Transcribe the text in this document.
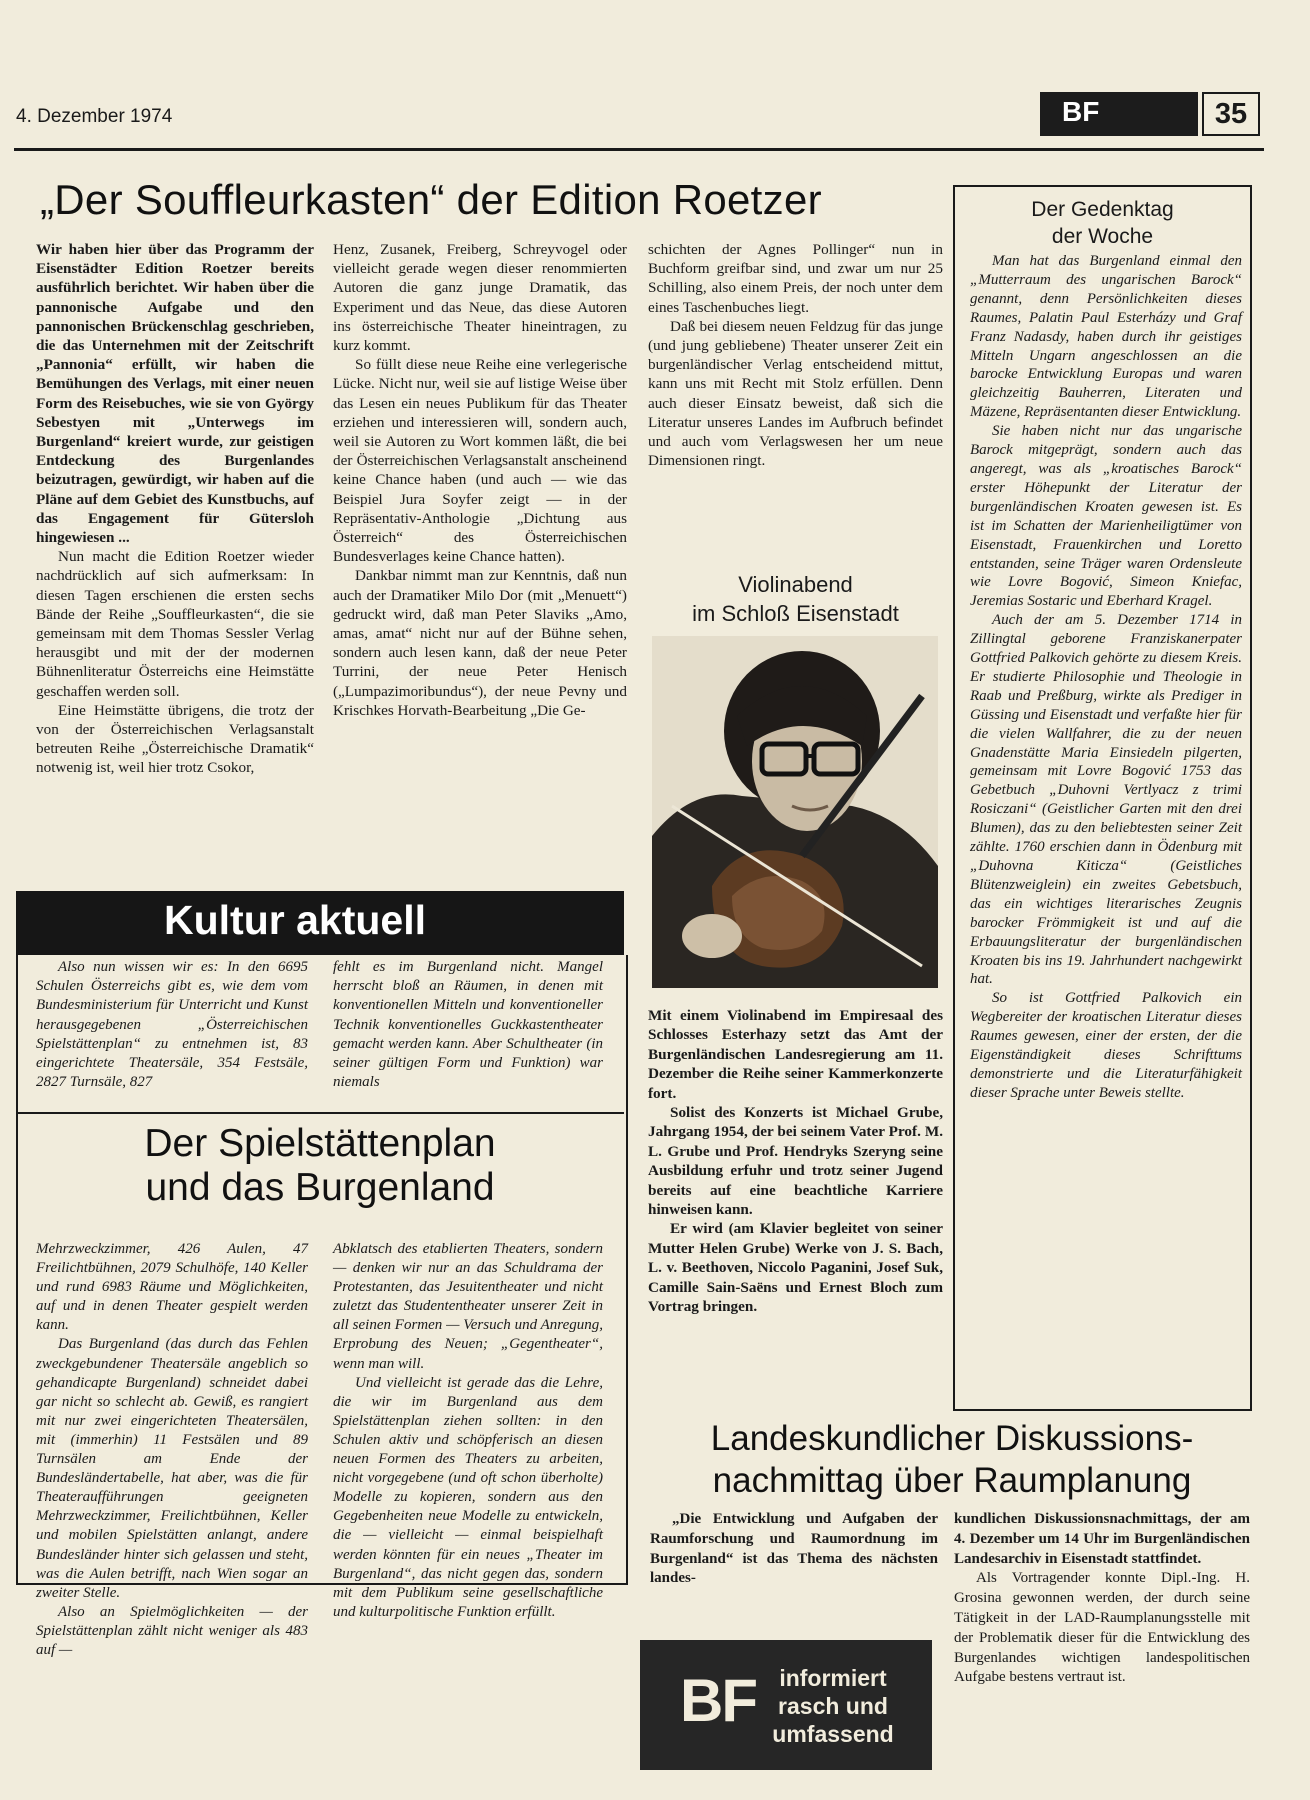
4. Dezember 1974	BF	35
„Der Souffleurkasten“ der Edition Roetzer

Wir haben hier über das Programm der Eisenstädter Edition Roetzer bereits ausführlich berichtet. Wir haben über die pannonische Aufgabe und den pannonischen Brückenschlag geschrieben, die das Unternehmen mit der Zeitschrift „Pannonia“ erfüllt, wir haben die Bemühungen des Verlags, mit einer neuen Form des Reisebuches, wie sie von György Sebestyen mit „Unterwegs im Burgenland“ kreiert wurde, zur geistigen Entdeckung des Burgenlandes beizutragen, gewürdigt, wir haben auf die Pläne auf dem Gebiet des Kunstbuchs, auf das Engagement für Gütersloh hingewiesen ...

Nun macht die Edition Roetzer wieder nachdrücklich auf sich aufmerksam: In diesen Tagen erschienen die ersten sechs Bände der Reihe „Souffleurkasten“, die sie gemeinsam mit dem Thomas Sessler Verlag herausgibt und mit der der modernen Bühnenliteratur Österreichs eine Heimstätte geschaffen werden soll.

Eine Heimstätte übrigens, die trotz der von der Österreichischen Verlagsanstalt betreuten Reihe „Österreichische Dramatik“ notwenig ist, weil hier trotz Csokor,

Henz, Zusanek, Freiberg, Schreyvogel oder vielleicht gerade wegen dieser renommierten Autoren die ganz junge Dramatik, das Experiment und das Neue, das diese Autoren ins österreichische Theater hineintragen, zu kurz kommt.

So füllt diese neue Reihe eine verlegerische Lücke. Nicht nur, weil sie auf listige Weise über das Lesen ein neues Publikum für das Theater erziehen und interessieren will, sondern auch, weil sie Autoren zu Wort kommen läßt, die bei der Österreichischen Verlagsanstalt anscheinend keine Chance haben (und auch — wie das Beispiel Jura Soyfer zeigt — in der Repräsentativ-Anthologie „Dichtung aus Österreich“ des Österreichischen Bundesverlages keine Chance hatten).

Dankbar nimmt man zur Kenntnis, daß nun auch der Dramatiker Milo Dor (mit „Menuett“) gedruckt wird, daß man Peter Slaviks „Amo, amas, amat“ nicht nur auf der Bühne sehen, sondern auch lesen kann, daß der neue Peter Turrini, der neue Peter Henisch („Lumpazimoribundus“), der neue Pevny und Krischkes Horvath-Bearbeitung „Die Ge-

schichten der Agnes Pollinger“ nun in Buchform greifbar sind, und zwar um nur 25 Schilling, also einem Preis, der noch unter dem eines Taschenbuches liegt.

Daß bei diesem neuen Feldzug für das junge (und jung gebliebene) Theater unserer Zeit ein burgenländischer Verlag entscheidend mittut, kann uns mit Recht mit Stolz erfüllen. Denn auch dieser Einsatz beweist, daß sich die Literatur unseres Landes im Aufbruch befindet und auch vom Verlagswesen her um neue Dimensionen ringt.

Der Gedenktag
der Woche

Man hat das Burgenland einmal den „Mutterraum des ungarischen Barock“ genannt, denn Persönlichkeiten dieses Raumes, Palatin Paul Esterházy und Graf Franz Nadasdy, haben durch ihr geistiges Mitteln Ungarn angeschlossen an die barocke Entwicklung Europas und waren gleichzeitig Bauherren, Literaten und Mäzene, Repräsentanten dieser Entwicklung.

Sie haben nicht nur das ungarische Barock mitgeprägt, sondern auch das angeregt, was als „kroatisches Barock“ erster Höhepunkt der Literatur der burgenländischen Kroaten gewesen ist. Es ist im Schatten der Marienheiligtümer von Eisenstadt, Frauenkirchen und Loretto entstanden, seine Träger waren Ordensleute wie Lovre Bogović, Simeon Kniefac, Jeremias Sostaric und Eberhard Kragel.

Auch der am 5. Dezember 1714 in Zillingtal geborene Franziskanerpater Gottfried Palkovich gehörte zu diesem Kreis. Er studierte Philosophie und Theologie in Raab und Preßburg, wirkte als Prediger in Güssing und Eisenstadt und verfaßte hier für die vielen Wallfahrer, die zu der neuen Gnadenstätte Maria Einsiedeln pilgerten, gemeinsam mit Lovre Bogović 1753 das Gebetbuch „Duhovni Vertlyacz z trimi Rosiczani“ (Geistlicher Garten mit den drei Blumen), das zu den beliebtesten seiner Zeit zählte. 1760 erschien dann in Ödenburg mit „Duhovna Kiticza“ (Geistliches Blütenzweiglein) ein zweites Gebetsbuch, das ein wichtiges literarisches Zeugnis barocker Frömmigkeit ist und auf die Erbauungsliteratur der burgenländischen Kroaten bis ins 19. Jahrhundert nachgewirkt hat.

So ist Gottfried Palkovich ein Wegbereiter der kroatischen Literatur dieses Raumes gewesen, einer der ersten, der die Eigenständigkeit dieses Schrifttums demonstrierte und die Literaturfähigkeit dieser Sprache unter Beweis stellte.

Violinabend
im Schloß Eisenstadt

Mit einem Violinabend im Empiresaal des Schlosses Esterhazy setzt das Amt der Burgenländischen Landesregierung am 11. Dezember die Reihe seiner Kammerkonzerte fort.

Solist des Konzerts ist Michael Grube, Jahrgang 1954, der bei seinem Vater Prof. M. L. Grube und Prof. Hendryks Szeryng seine Ausbildung erfuhr und trotz seiner Jugend bereits auf eine beachtliche Karriere hinweisen kann.

Er wird (am Klavier begleitet von seiner Mutter Helen Grube) Werke von J. S. Bach, L. v. Beethoven, Niccolo Paganini, Josef Suk, Camille Sain-Saëns und Ernest Bloch zum Vortrag bringen.

Kultur aktuell

Also nun wissen wir es: In den 6695 Schulen Österreichs gibt es, wie dem vom Bundesministerium für Unterricht und Kunst herausgegebenen „Österreichischen Spielstättenplan“ zu entnehmen ist, 83 eingerichtete Theatersäle, 354 Festsäle, 2827 Turnsäle, 827

fehlt es im Burgenland nicht. Mangel herrscht bloß an Räumen, in denen mit konventionellen Mitteln und konventioneller Technik konventionelles Guckkastentheater gemacht werden kann. Aber Schultheater (in seiner gültigen Form und Funktion) war niemals

Der Spielstättenplan
und das Burgenland

Mehrzweckzimmer, 426 Aulen, 47 Freilichtbühnen, 2079 Schulhöfe, 140 Keller und rund 6983 Räume und Möglichkeiten, auf und in denen Theater gespielt werden kann.

Das Burgenland (das durch das Fehlen zweckgebundener Theatersäle angeblich so gehandicapte Burgenland) schneidet dabei gar nicht so schlecht ab. Gewiß, es rangiert mit nur zwei eingerichteten Theatersälen, mit (immerhin) 11 Festsälen und 89 Turnsälen am Ende der Bundesländertabelle, hat aber, was die für Theateraufführungen geeigneten Mehrzweckzimmer, Freilichtbühnen, Keller und mobilen Spielstätten anlangt, andere Bundesländer hinter sich gelassen und steht, was die Aulen betrifft, nach Wien sogar an zweiter Stelle.

Also an Spielmöglichkeiten — der Spielstättenplan zählt nicht weniger als 483 auf —

Abklatsch des etablierten Theaters, sondern — denken wir nur an das Schuldrama der Protestanten, das Jesuitentheater und nicht zuletzt das Studententheater unserer Zeit in all seinen Formen — Versuch und Anregung, Erprobung des Neuen; „Gegentheater“, wenn man will.

Und vielleicht ist gerade das die Lehre, die wir im Burgenland aus dem Spielstättenplan ziehen sollten: in den Schulen aktiv und schöpferisch an diesen neuen Formen des Theaters zu arbeiten, nicht vorgegebene (und oft schon überholte) Modelle zu kopieren, sondern aus den Gegebenheiten neue Modelle zu entwickeln, die — vielleicht — einmal beispielhaft werden könnten für ein neues „Theater im Burgenland“, das nicht gegen das, sondern mit dem Publikum seine gesellschaftliche und kulturpolitische Funktion erfüllt.

Landeskundlicher Diskussions-
nachmittag über Raumplanung

„Die Entwicklung und Aufgaben der Raumforschung und Raumordnung im Burgenland“ ist das Thema des nächsten landes-

kundlichen Diskussionsnachmittags, der am 4. Dezember um 14 Uhr im Burgenländischen Landesarchiv in Eisenstadt stattfindet.

Als Vortragender konnte Dipl.-Ing. H. Grosina gewonnen werden, der durch seine Tätigkeit in der LAD-Raumplanungsstelle mit der Problematik dieser für die Entwicklung des Burgenlandes wichtigen landespolitischen Aufgabe bestens vertraut ist.

BF	informiert
rasch und
umfassend
